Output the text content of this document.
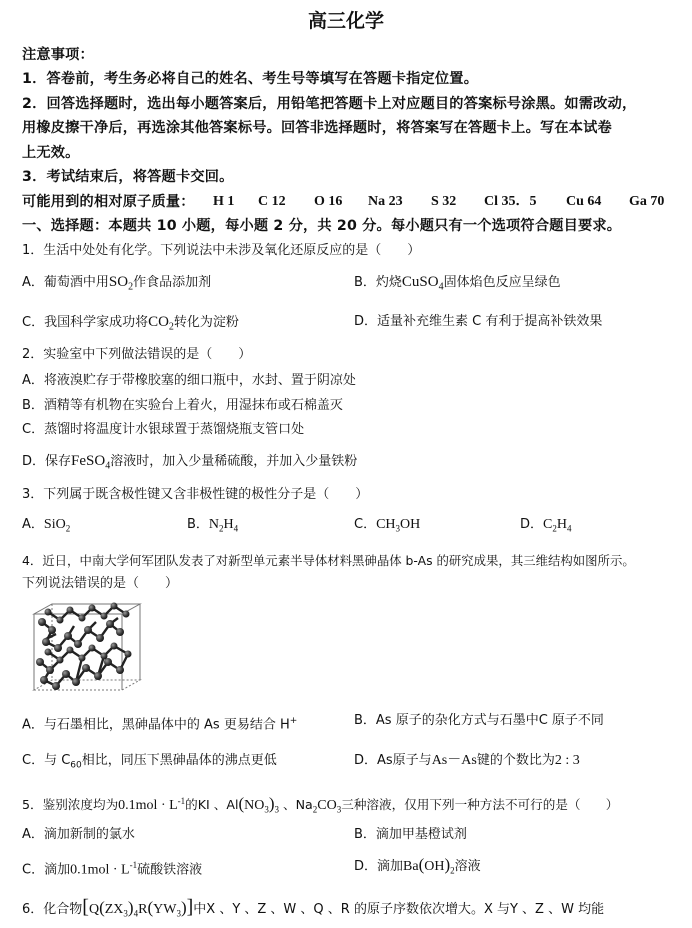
高三化学
注意事项：
1．答卷前，考生务必将自己的姓名、考生号等填写在答题卡指定位置。
2．回答选择题时，选出每小题答案后，用铅笔把答题卡上对应题目的答案标号涂黑。如需改动，
用橡皮擦干净后，再选涂其他答案标号。回答非选择题时，将答案写在答题卡上。写在本试卷
上无效。
3．考试结束后，将答题卡交回。
可能用到的相对原子质量： H 1 C 12 O 16 Na 23 S 32 Cl 35．5 Cu 64 Ga 70
一、选择题：本题共 10 小题，每小题 2 分，共 20 分。每小题只有一个选项符合题目要求。
1．生活中处处有化学。下列说法中未涉及氧化还原反应的是（　　）
A．葡萄酒中用$SO_2$作食品添加剂	B．灼烧CuSO$_4$固体焰色反应呈绿色
C．我国科学家成功将$CO_2$转化为淀粉	D．适量补充维生素 C 有利于提高补铁效果
2．实验室中下列做法错误的是（　　）
A．将液溴贮存于带橡胶塞的细口瓶中，水封、置于阴凉处
B．酒精等有机物在实验台上着火，用湿抹布或石棉盖灭
C．蒸馏时将温度计水银球置于蒸馏烧瓶支管口处
D．保存FeSO$_4$溶液时，加入少量稀硫酸，并加入少量铁粉
3．下列属于既含极性键又含非极性键的极性分子是（　　）
A．SiO$_2$	B．$N_2H_4$	C．$CH_3OH$	D．$C_2H_4$
4．近日，中南大学何军团队发表了对新型单元素半导体材料黑砷晶体 b-As 的研究成果，其三维结构如图所示。
下列说法错误的是（　　）
A．与石墨相比，黑砷晶体中的 As 更易结合 H+	B．As 原子的杂化方式与石墨中C 原子不同
C．与 $C_{60}$相比，同压下黑砷晶体的沸点更低	D．As原子与As－As键的个数比为2 : 3
5．鉴别浓度均为$0.1mol \cdot L^{-1}$的KI 、$Al(NO_3)_3$ 、$Na_2CO_3$三种溶液，仅用下列一种方法不可行的是（　　）
A．滴加新制的氯水	B．滴加甲基橙试剂
C．滴加$0.1mol \cdot L^{-1}$硫酸铁溶液	D．滴加$Ba(OH)_2$溶液
6．化合物$[Q(ZX_3)_4R(YW_3)]$中X 、Y 、Z 、W 、Q 、R 的原子序数依次增大。X 与Y 、Z 、W 均能
